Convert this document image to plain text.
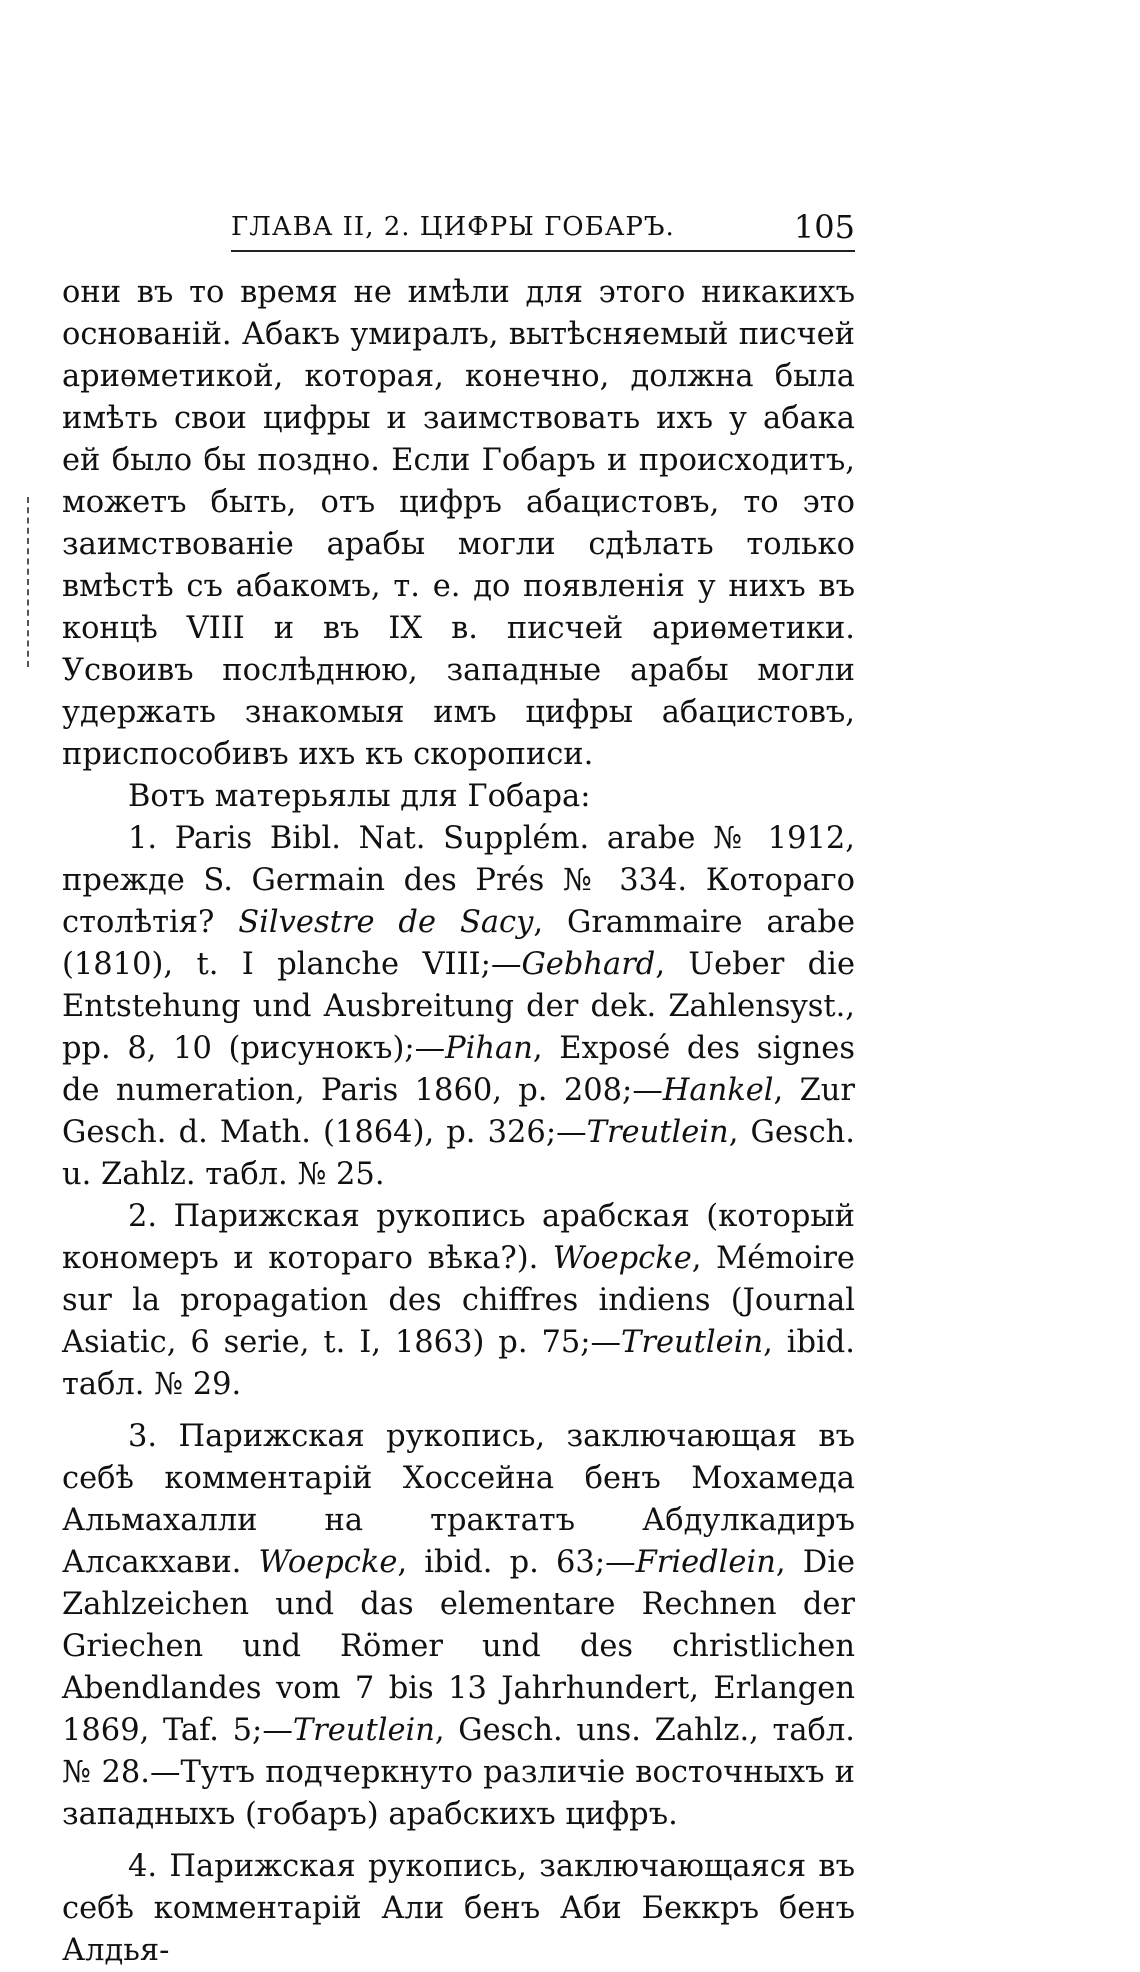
ГЛАВА II, 2. ЦИФРЫ ГОБАРЪ.	105

они въ то время не имѣли для этого никакихъ основаній. Абакъ умиралъ, вытѣсняемый писчей ариѳметикой, которая, конечно, должна была имѣть свои цифры и заимствовать ихъ у абака ей было бы поздно. Если Гобаръ и происходитъ, можетъ быть, отъ цифръ абацистовъ, то это заимствованіе арабы могли сдѣлать только вмѣстѣ съ абакомъ, т. е. до появленія у нихъ въ концѣ VIII и въ IX в. писчей ариѳметики. Усвоивъ послѣднюю, западные арабы могли удержать знакомыя имъ цифры абацистовъ, приспособивъ ихъ къ скорописи.

Вотъ матерьялы для Гобара:

1. Paris Bibl. Nat. Supplém. arabe № 1912, прежде S. Germain des Prés № 334. Котораго столѣтія? Silvestre de Sacy, Grammaire arabe (1810), t. I planche VIII;—Gebhard, Ueber die Entstehung und Ausbreitung der dek. Zahlensyst., pp. 8, 10 (рисунокъ);—Pihan, Exposé des signes de numeration, Paris 1860, p. 208;—Hankel, Zur Gesch. d. Math. (1864), p. 326;—Treutlein, Gesch. u. Zahlz. табл. № 25.

2. Парижская рукопись арабская (который кономеръ и котораго вѣка?). Woepcke, Mémoire sur la propagation des chiffres indiens (Journal Asiatic, 6 serie, t. I, 1863) p. 75;—Treutlein, ibid. табл. № 29.

3. Парижская рукопись, заключающая въ себѣ комментарій Хоссейна бенъ Мохамеда Альмахалли на трактатъ Абдулкадиръ Алсакхави. Woepcke, ibid. p. 63;—Friedlein, Die Zahlzeichen und das elementare Rechnen der Griechen und Römer und des christlichen Abendlandes vom 7 bis 13 Jahrhundert, Erlangen 1869, Taf. 5;—Treutlein, Gesch. uns. Zahlz., табл. № 28.—Тутъ подчеркнуто различіе восточныхъ и западныхъ (гобаръ) арабскихъ цифръ.

4. Парижская рукопись, заключающаяся въ себѣ комментарій Али бенъ Аби Беккръ бенъ Алдья-
